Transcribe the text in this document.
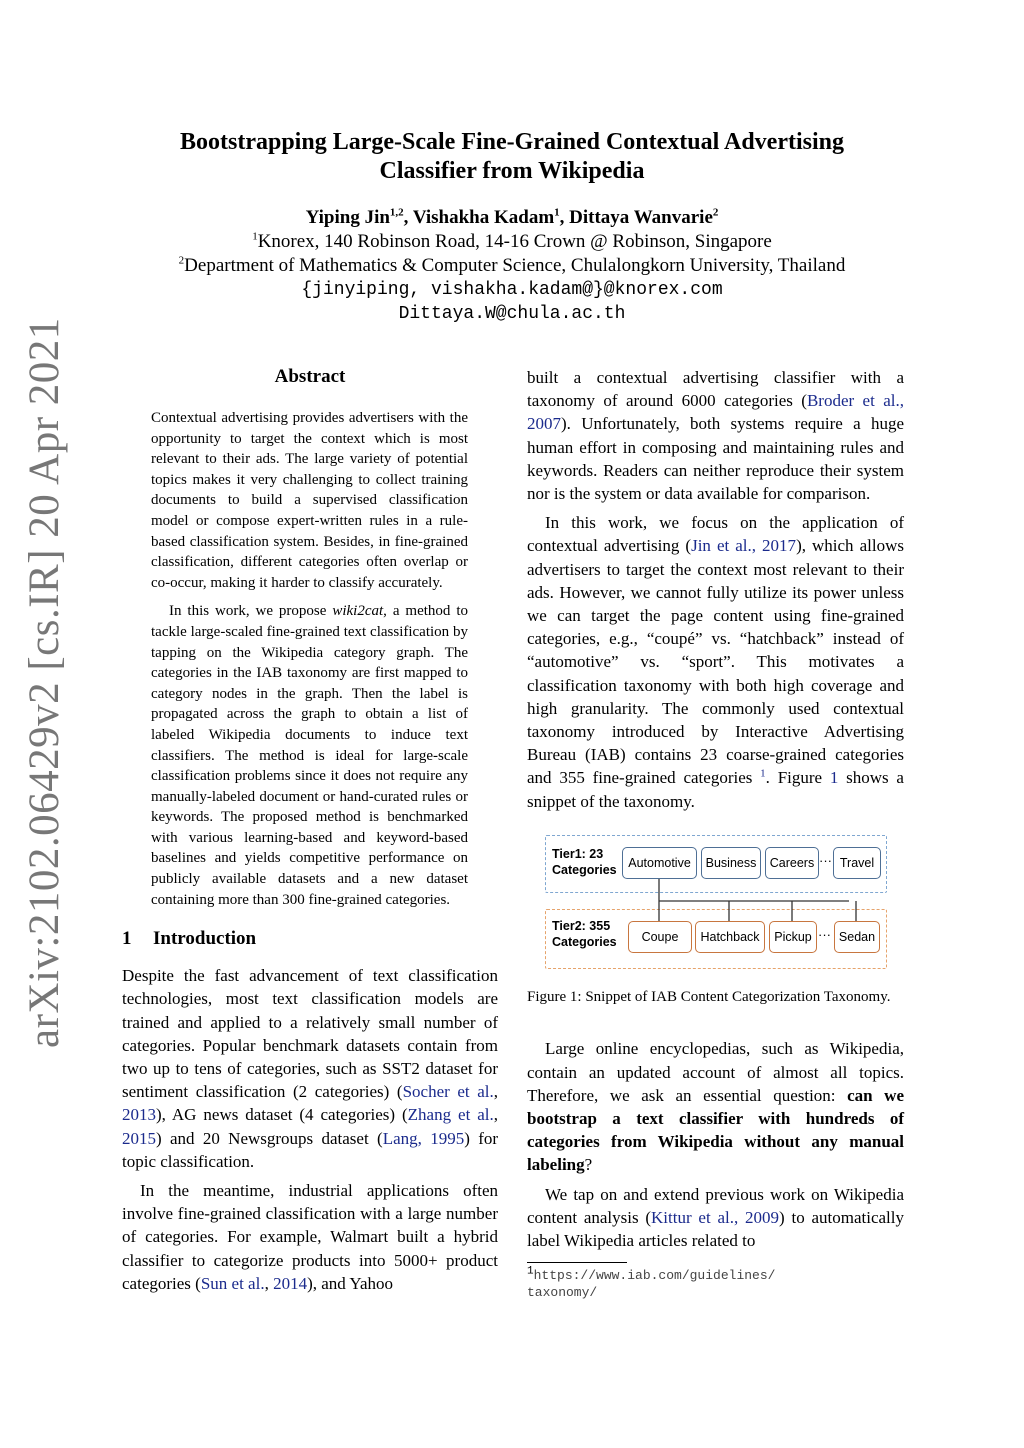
arXiv:2102.06429v2 [cs.IR] 20 Apr 2021
Bootstrapping Large-Scale Fine-Grained Contextual Advertising
Classifier from Wikipedia
Yiping Jin$^{1,2}$, Vishakha Kadam$^1$, Dittaya Wanvarie$^2$
$^1$Knorex, 140 Robinson Road, 14-16 Crown @ Robinson, Singapore
$^2$Department of Mathematics & Computer Science, Chulalongkorn University, Thailand
{jinyiping, vishakha.kadam@}@knorex.com
Dittaya.W@chula.ac.th
Abstract

Contextual advertising provides advertisers with the opportunity to target the context which is most relevant to their ads. The large variety of potential topics makes it very challenging to collect training documents to build a supervised classification model or compose expert-written rules in a rule-based classification system. Besides, in fine-grained classification, different categories often overlap or co-occur, making it harder to classify accurately.

In this work, we propose wiki2cat, a method to tackle large-scaled fine-grained text classification by tapping on the Wikipedia category graph. The categories in the IAB taxonomy are first mapped to category nodes in the graph. Then the label is propagated across the graph to obtain a list of labeled Wikipedia documents to induce text classifiers. The method is ideal for large-scale classification problems since it does not require any manually-labeled document or hand-curated rules or keywords. The proposed method is benchmarked with various learning-based and keyword-based baselines and yields competitive performance on publicly available datasets and a new dataset containing more than 300 fine-grained categories.

1 Introduction

Despite the fast advancement of text classification technologies, most text classification models are trained and applied to a relatively small number of categories. Popular benchmark datasets contain from two up to tens of categories, such as SST2 dataset for sentiment classification (2 categories) (Socher et al., 2013), AG news dataset (4 categories) (Zhang et al., 2015) and 20 Newsgroups dataset (Lang, 1995) for topic classification.

In the meantime, industrial applications often involve fine-grained classification with a large number of categories. For example, Walmart built a hybrid classifier to categorize products into 5000+ product categories (Sun et al., 2014), and Yahoo

built a contextual advertising classifier with a taxonomy of around 6000 categories (Broder et al., 2007). Unfortunately, both systems require a huge human effort in composing and maintaining rules and keywords. Readers can neither reproduce their system nor is the system or data available for comparison.

In this work, we focus on the application of contextual advertising (Jin et al., 2017), which allows advertisers to target the context most relevant to their ads. However, we cannot fully utilize its power unless we can target the page content using fine-grained categories, e.g., “coupé” vs. “hatchback” instead of “automotive” vs. “sport”. This motivates a classification taxonomy with both high coverage and high granularity. The commonly used contextual taxonomy introduced by Interactive Advertising Bureau (IAB) contains 23 coarse-grained categories and 355 fine-grained categories $^1$. Figure 1 shows a snippet of the taxonomy.

Tier1: 23
Categories
Tier2: 355
Categories
Automotive	Business	Careers ··· Travel
Coupe	Hatchback	Pickup ··· Sedan
Figure 1: Snippet of IAB Content Categorization Taxonomy.

Large online encyclopedias, such as Wikipedia, contain an updated account of almost all topics. Therefore, we ask an essential question: can we bootstrap a text classifier with hundreds of categories from Wikipedia without any manual labeling?

We tap on and extend previous work on Wikipedia content analysis (Kittur et al., 2009) to automatically label Wikipedia articles related to

$^1$https://www.iab.com/guidelines/
taxonomy/
